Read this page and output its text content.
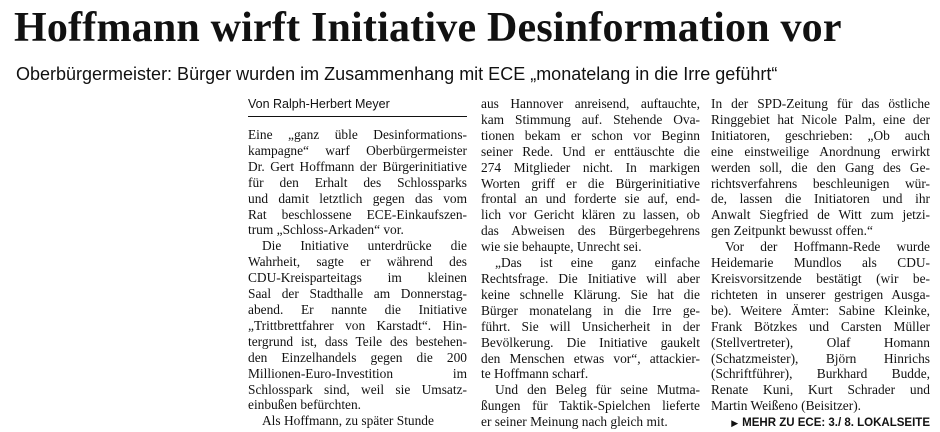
Hoffmann wirft Initiative Desinformation vor

Oberbürgermeister: Bürger wurden im Zusammenhang mit ECE „monatelang in die Irre geführt“

Von Ralph-Herbert Meyer
Eine „ganz üble Desinformations-
kampagne“ warf Oberbürgermeister
Dr. Gert Hoffmann der Bürgerinitiative
für den Erhalt des Schlossparks
und damit letztlich gegen das vom
Rat beschlossene ECE-Einkaufszen-
trum „Schloss-Arkaden“ vor.
Die Initiative unterdrücke die
Wahrheit, sagte er während des
CDU-Kreisparteitags im kleinen
Saal der Stadthalle am Donnerstag-
abend. Er nannte die Initiative
„Trittbrettfahrer von Karstadt“. Hin-
tergrund ist, dass Teile des bestehen-
den Einzelhandels gegen die 200
Millionen-Euro-Investition im
Schlosspark sind, weil sie Umsatz-
einbußen befürchten.
Als Hoffmann, zu später Stunde
aus Hannover anreisend, auftauchte,
kam Stimmung auf. Stehende Ova-
tionen bekam er schon vor Beginn
seiner Rede. Und er enttäuschte die
274 Mitglieder nicht. In markigen
Worten griff er die Bürgerinitiative
frontal an und forderte sie auf, end-
lich vor Gericht klären zu lassen, ob
das Abweisen des Bürgerbegehrens
wie sie behaupte, Unrecht sei.
„Das ist eine ganz einfache
Rechtsfrage. Die Initiative will aber
keine schnelle Klärung. Sie hat die
Bürger monatelang in die Irre ge-
führt. Sie will Unsicherheit in der
Bevölkerung. Die Initiative gaukelt
den Menschen etwas vor“, attackier-
te Hoffmann scharf.
Und den Beleg für seine Mutma-
ßungen für Taktik-Spielchen lieferte
er seiner Meinung nach gleich mit.
In der SPD-Zeitung für das östliche
Ringgebiet hat Nicole Palm, eine der
Initiatoren, geschrieben: „Ob auch
eine einstweilige Anordnung erwirkt
werden soll, die den Gang des Ge-
richtsverfahrens beschleunigen wür-
de, lassen die Initiatoren und ihr
Anwalt Siegfried de Witt zum jetzi-
gen Zeitpunkt bewusst offen.“
Vor der Hoffmann-Rede wurde
Heidemarie Mundlos als CDU-
Kreisvorsitzende bestätigt (wir be-
richteten in unserer gestrigen Ausga-
be). Weitere Ämter: Sabine Kleinke,
Frank Bötzkes und Carsten Müller
(Stellvertreter), Olaf Homann
(Schatzmeister), Björn Hinrichs
(Schriftführer), Burkhard Budde,
Renate Kuni, Kurt Schrader und
Martin Weißeno (Beisitzer).
▶ MEHR ZU ECE: 3./ 8. LOKALSEITE
